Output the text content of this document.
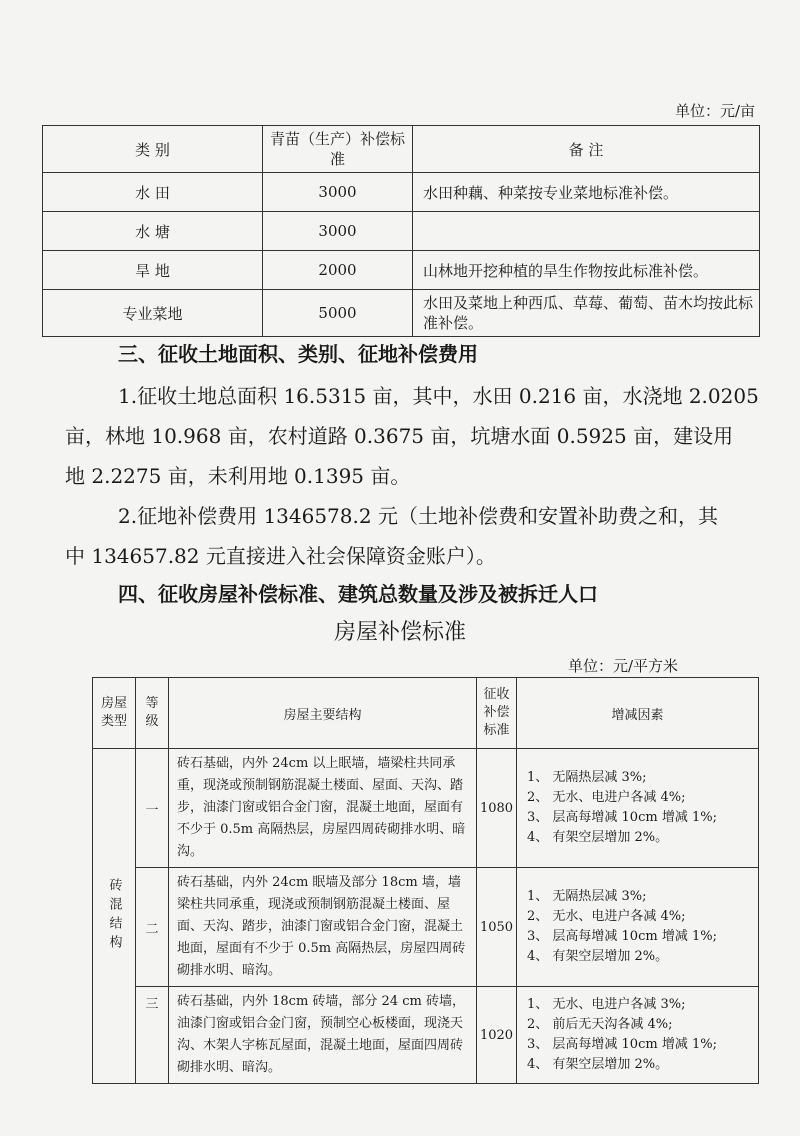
单位：元/亩
类 别	青苗（生产）补偿标准	备 注
水 田	3000	水田种藕、种菜按专业菜地标准补偿。
水 塘	3000	
旱 地	2000	山林地开挖种植的旱生作物按此标准补偿。
专业菜地	5000	水田及菜地上种西瓜、草莓、葡萄、苗木均按此标准补偿。
三、征收土地面积、类别、征地补偿费用
1.征收土地总面积 16.5315 亩，其中，水田 0.216 亩，水浇地 2.0205
亩，林地 10.968 亩，农村道路 0.3675 亩，坑塘水面 0.5925 亩，建设用
地 2.2275 亩，未利用地 0.1395 亩。
2.征地补偿费用 1346578.2 元（土地补偿费和安置补助费之和，其
中 134657.82 元直接进入社会保障资金账户）。
四、征收房屋补偿标准、建筑总数量及涉及被拆迁人口
房屋补偿标准
单位：元/平方米
房屋类型	等级	房屋主要结构	征收补偿标准	增减因素

砖混结构	一	砖石基础，内外 24cm 以上眠墙，墙梁柱共同承重，现浇或预制钢筋混凝土楼面、屋面、天沟、踏步，油漆门窗或铝合金门窗，混凝土地面，屋面有不少于 0.5m 高隔热层，房屋四周砖砌排水明、暗沟。	1080	1、 无隔热层减 3%;
2、 无水、电进户各减 4%;
3、 层高每增减 10cm 增减 1%;
4、 有架空层增加 2%。
	二	砖石基础，内外 24cm 眠墙及部分 18cm 墙，墙梁柱共同承重，现浇或预制钢筋混凝土楼面、屋面、天沟、踏步，油漆门窗或铝合金门窗，混凝土地面，屋面有不少于 0.5m 高隔热层，房屋四周砖砌排水明、暗沟。	1050	1、 无隔热层减 3%;
2、 无水、电进户各减 4%;
3、 层高每增减 10cm 增减 1%;
4、 有架空层增加 2%。
	三	砖石基础，内外 18cm 砖墙，部分 24 cm 砖墙，油漆门窗或铝合金门窗，预制空心板楼面，现浇天沟、木架人字栋瓦屋面，混凝土地面，屋面四周砖砌排水明、暗沟。	1020	1、 无水、电进户各减 3%;
2、 前后无天沟各减 4%;
3、 层高每增减 10cm 增减 1%;
4、 有架空层增加 2%。
